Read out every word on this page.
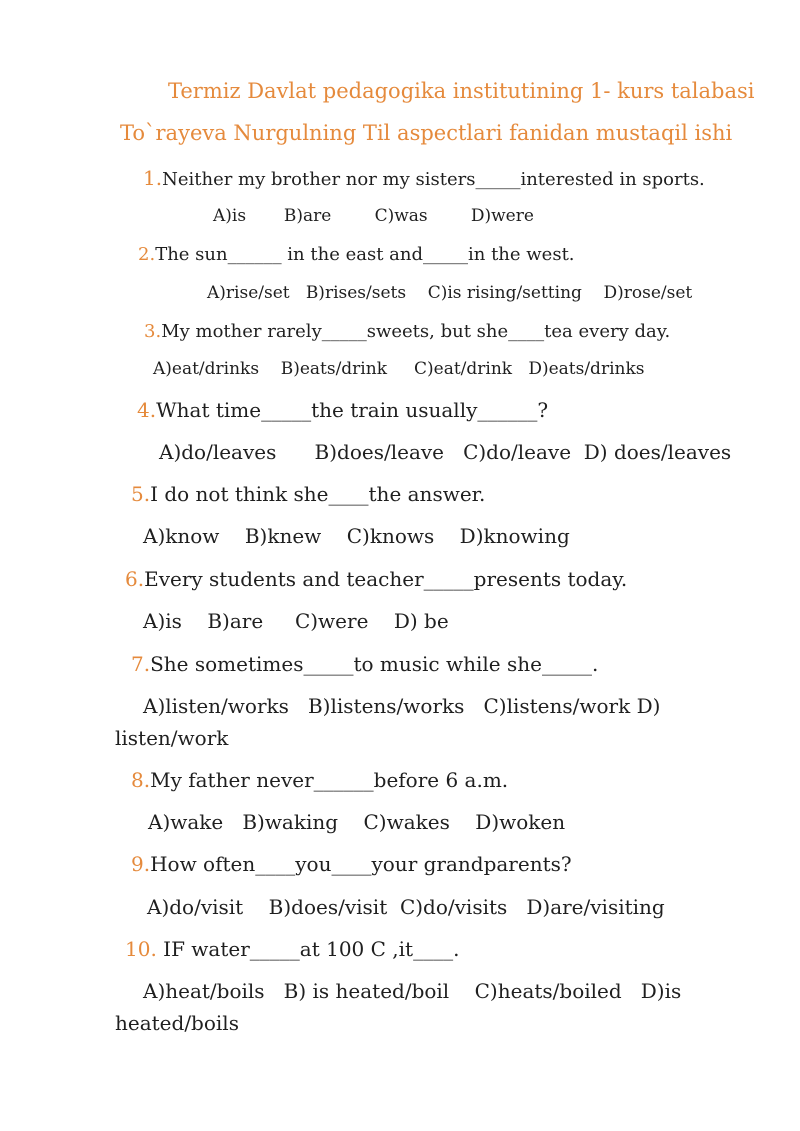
Termiz Davlat pedagogika institutining 1- kurs talabasi
To`rayeva Nurgulning Til aspectlari fanidan mustaqil ishi
1.Neither my brother nor my sisters_____interested in sports.
A)is       B)are        C)was        D)were
2.The sun______ in the east and_____in the west.
A)rise/set   B)rises/sets    C)is rising/setting    D)rose/set
3.My mother rarely_____sweets, but she____tea every day.
A)eat/drinks    B)eats/drink     C)eat/drink   D)eats/drinks
4.What time_____the train usually______?
A)do/leaves      B)does/leave   C)do/leave  D) does/leaves
5.I do not think she____the answer.
A)know    B)knew    C)knows    D)knowing
6.Every students and teacher_____presents today.
A)is    B)are     C)were    D) be
7.She sometimes_____to music while she_____.
A)listen/works   B)listens/works   C)listens/work D)
listen/work
8.My father never______before 6 a.m.
A)wake   B)waking    C)wakes    D)woken
9.How often____you____your grandparents?
A)do/visit    B)does/visit  C)do/visits   D)are/visiting
10. IF water_____at 100 C ,it____.
A)heat/boils   B) is heated/boil    C)heats/boiled   D)is
heated/boils
